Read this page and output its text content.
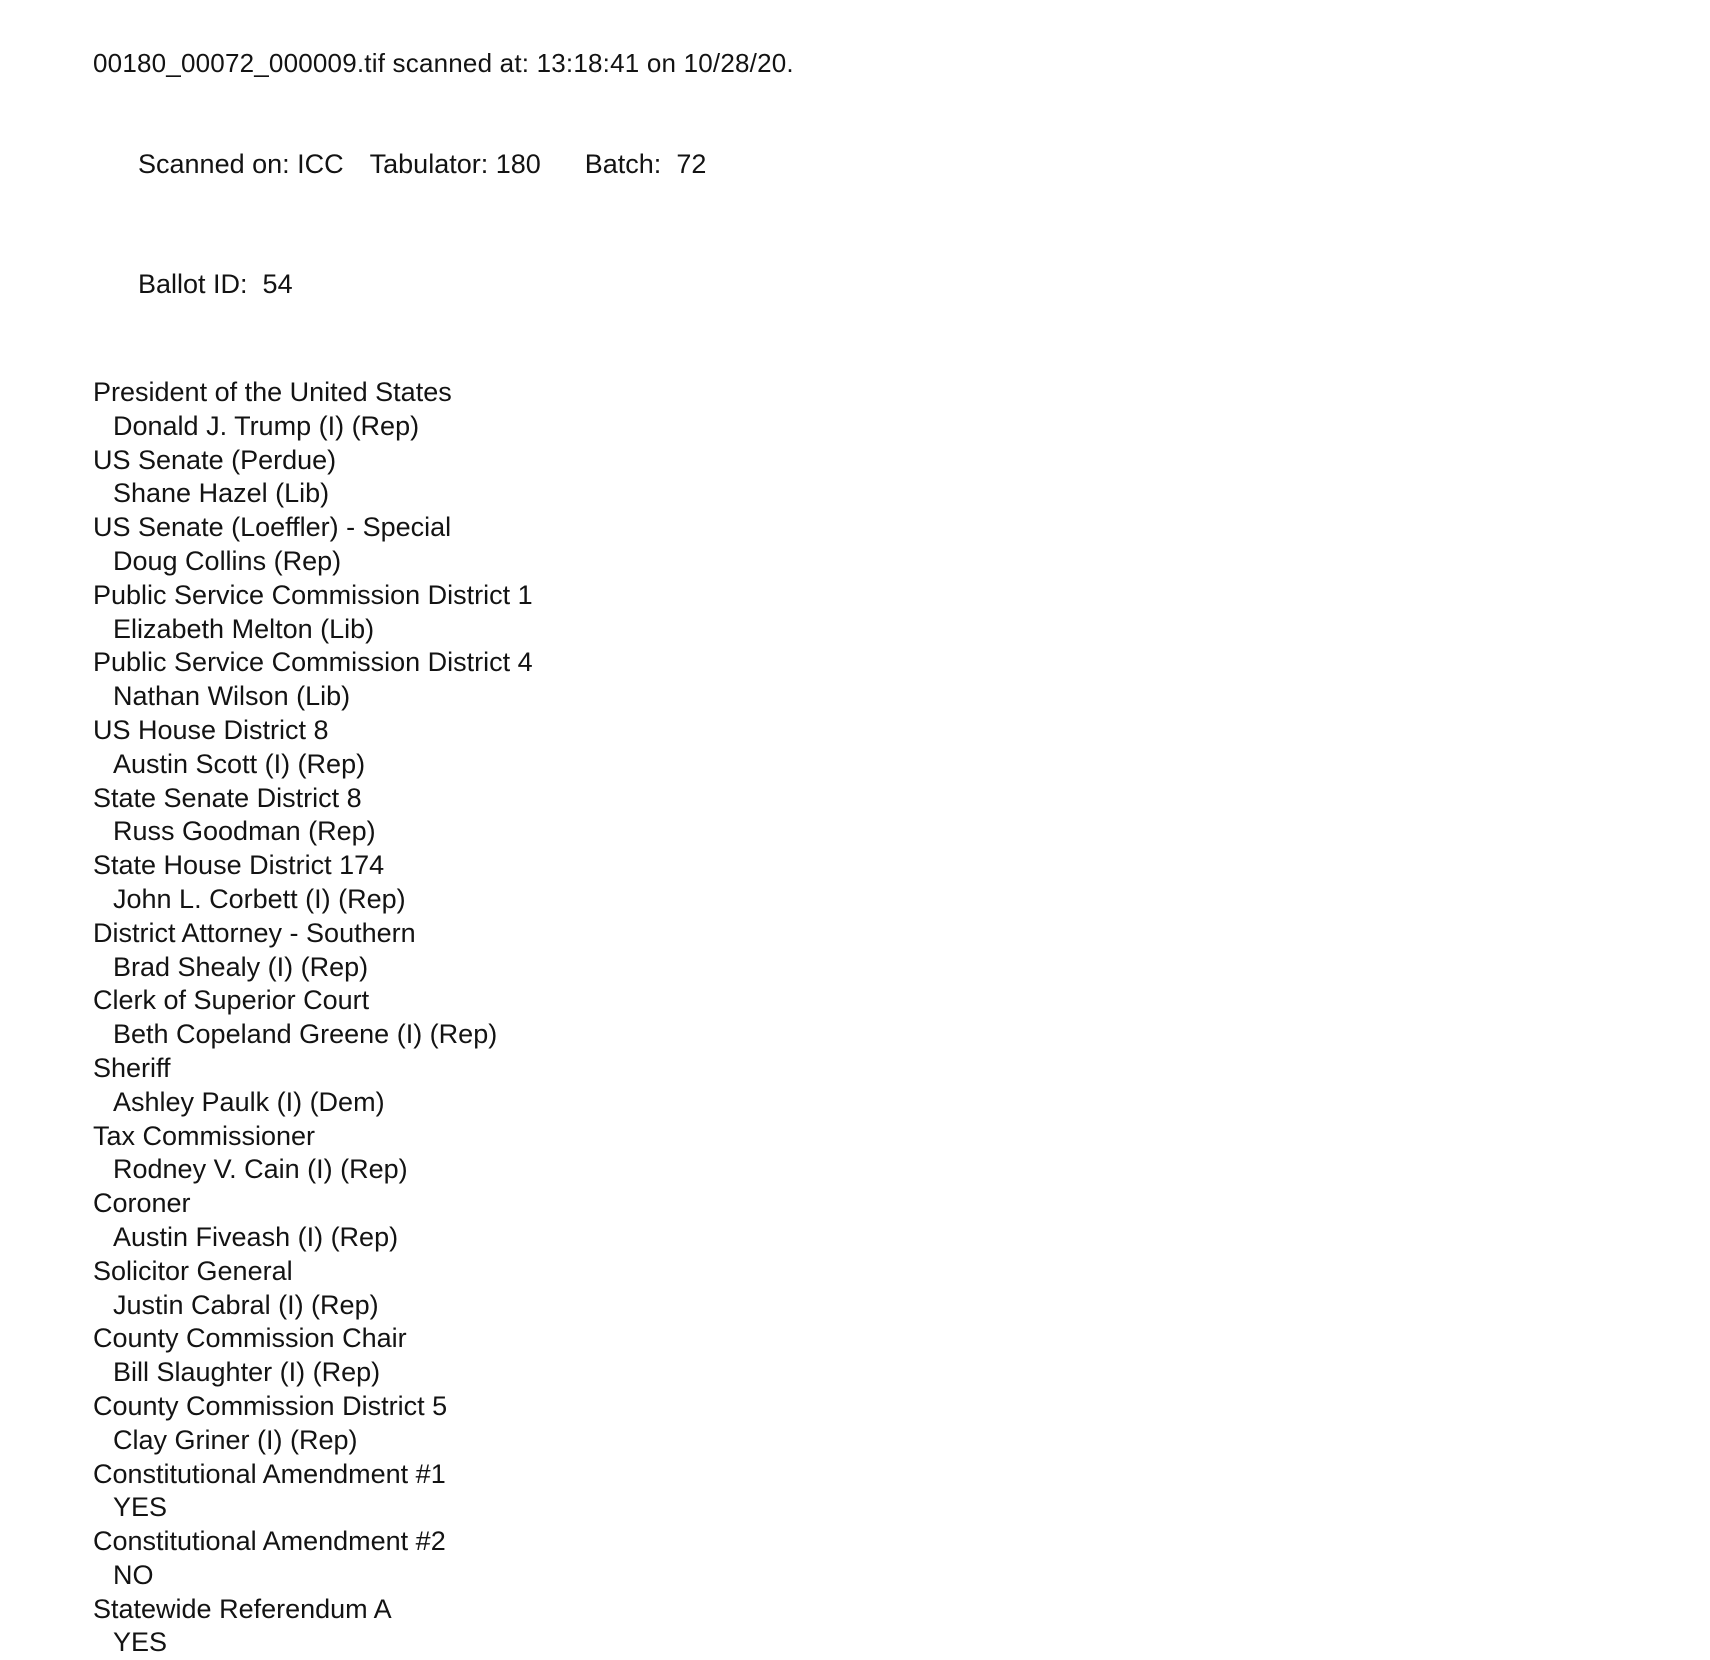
00180_00072_000009.tif scanned at: 13:18:41 on 10/28/20.

Scanned on: ICC Tabulator: 180 Batch:  72

Ballot ID:  54

President of the United States
Donald J. Trump (I) (Rep)
US Senate (Perdue)
Shane Hazel (Lib)
US Senate (Loeffler) - Special
Doug Collins (Rep)
Public Service Commission District 1
Elizabeth Melton (Lib)
Public Service Commission District 4
Nathan Wilson (Lib)
US House District 8
Austin Scott (I) (Rep)
State Senate District 8
Russ Goodman (Rep)
State House District 174
John L. Corbett (I) (Rep)
District Attorney - Southern
Brad Shealy (I) (Rep)
Clerk of Superior Court
Beth Copeland Greene (I) (Rep)
Sheriff
Ashley Paulk (I) (Dem)
Tax Commissioner
Rodney V. Cain (I) (Rep)
Coroner
Austin Fiveash (I) (Rep)
Solicitor General
Justin Cabral (I) (Rep)
County Commission Chair
Bill Slaughter (I) (Rep)
County Commission District 5
Clay Griner (I) (Rep)
Constitutional Amendment #1
YES
Constitutional Amendment #2
NO
Statewide Referendum A
YES
